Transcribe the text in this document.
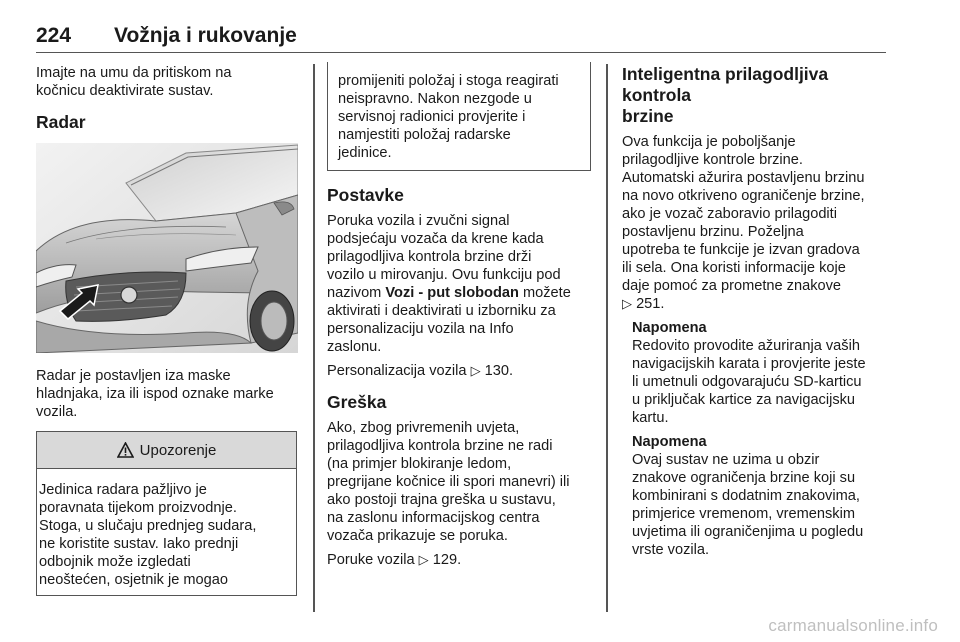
224 Vožnja i rukovanje

Imajte na umu da pritiskom na

kočnicu deaktivirate sustav.

Radar

Radar je postavljen iza maske

hladnjaka, iza ili ispod oznake marke

vozila.

Upozorenje

Jedinica radara pažljivo je

poravnata tijekom proizvodnje.

Stoga, u slučaju prednjeg sudara,

ne koristite sustav. Iako prednji

odbojnik može izgledati

neoštećen, osjetnik je mogao

promijeniti položaj i stoga reagirati

neispravno. Nakon nezgode u

servisnoj radionici provjerite i

namjestiti položaj radarske

jedinice.

Postavke

Poruka vozila i zvučni signal

podsjećaju vozača da krene kada

prilagodljiva kontrola brzine drži

vozilo u mirovanju. Ovu funkciju pod

nazivom Vozi - put slobodan možete

aktivirati i deaktivirati u izborniku za

personalizaciju vozila na Info

zaslonu.

Personalizacija vozila ▷ 130.

Greška

Ako, zbog privremenih uvjeta,

prilagodljiva kontrola brzine ne radi

(na primjer blokiranje ledom,

pregrijane kočnice ili spori manevri) ili

ako postoji trajna greška u sustavu,

na zaslonu informacijskog centra

vozača prikazuje se poruka.

Poruke vozila ▷ 129.

Inteligentna prilagodljiva kontrola
brzine

Ova funkcija je poboljšanje

prilagodljive kontrole brzine.

Automatski ažurira postavljenu brzinu

na novo otkriveno ograničenje brzine,

ako je vozač zaboravio prilagoditi

postavljenu brzinu. Poželjna

upotreba te funkcije je izvan gradova

ili sela. Ona koristi informacije koje

daje pomoć za prometne znakove

▷ 251.

Napomena

Redovito provodite ažuriranja vaših

navigacijskih karata i provjerite jeste

li umetnuli odgovarajuću SD-karticu

u priključak kartice za navigacijsku

kartu.

Napomena

Ovaj sustav ne uzima u obzir

znakove ograničenja brzine koji su

kombinirani s dodatnim znakovima,

primjerice vremenom, vremenskim

uvjetima ili ograničenjima u pogledu

vrste vozila.

carmanualsonline.info
